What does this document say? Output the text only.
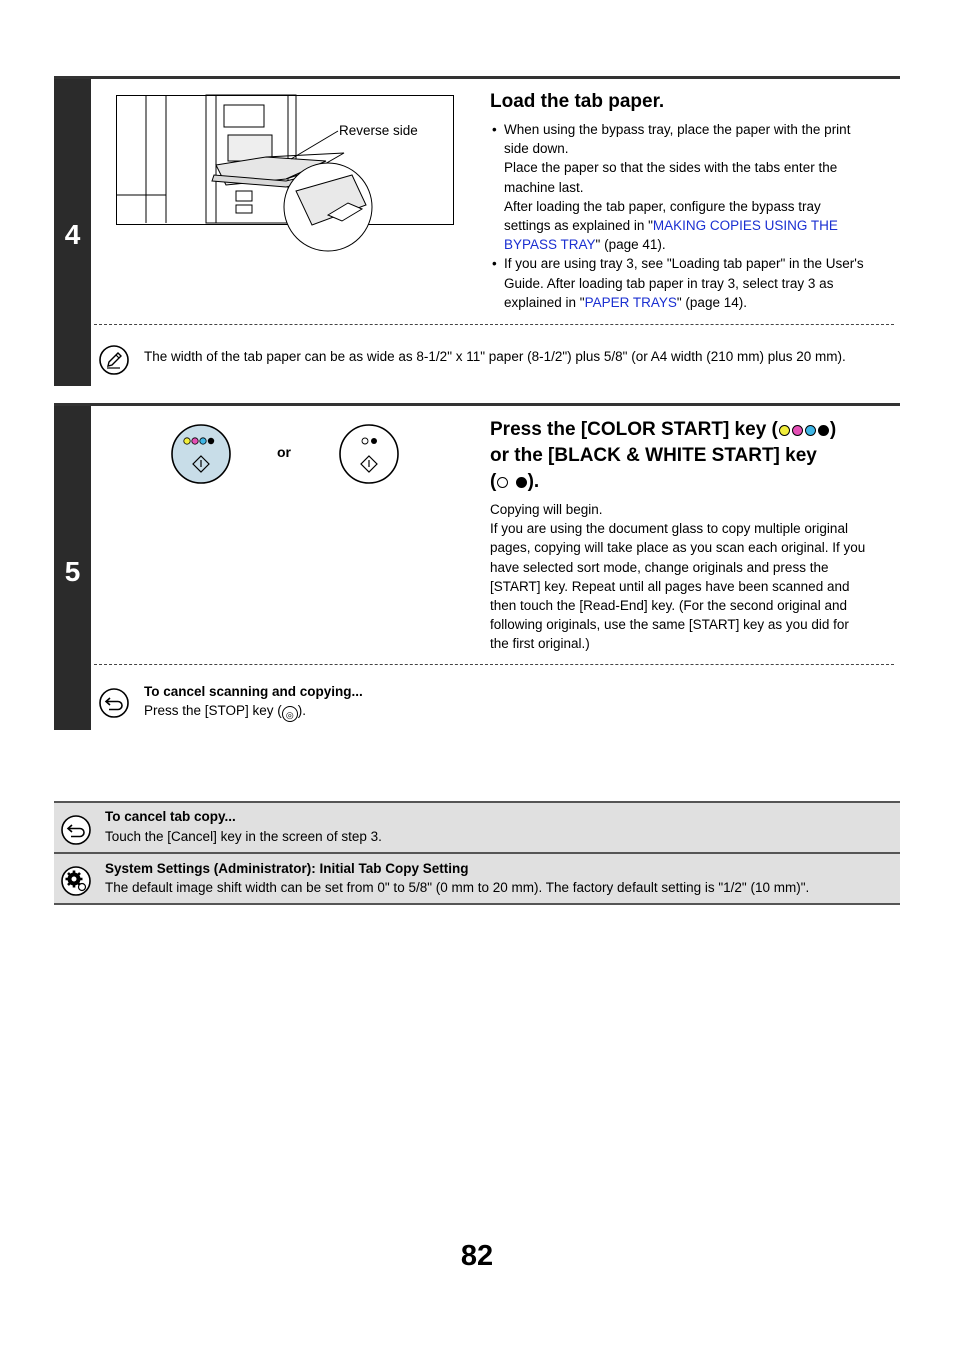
4
Reverse side
Load the tab paper.
• When using the bypass tray, place the paper with the print
side down.
Place the paper so that the sides with the tabs enter the
machine last.
After loading the tab paper, configure the bypass tray
settings as explained in "MAKING COPIES USING THE
BYPASS TRAY" (page 41).
• If you are using tray 3, see "Loading tab paper" in the User's
Guide. After loading tab paper in tray 3, select tray 3 as
explained in "PAPER TRAYS" (page 14).
The width of the tab paper can be as wide as 8-1/2" x 11" paper (8-1/2") plus 5/8" (or A4 width (210 mm) plus 20 mm).
5
or
Press the [COLOR START] key (	)
or the [BLACK & WHITE START] key
( ).
Copying will begin.
If you are using the document glass to copy multiple original
pages, copying will take place as you scan each original. If you
have selected sort mode, change originals and press the
[START] key. Repeat until all pages have been scanned and
then touch the [Read-End] key. (For the second original and
following originals, use the same [START] key as you did for
the first original.)
To cancel scanning and copying...
Press the [STOP] key ( ◎ ).
To cancel tab copy...
Touch the [Cancel] key in the screen of step 3.
System Settings (Administrator): Initial Tab Copy Setting
The default image shift width can be set from 0" to 5/8" (0 mm to 20 mm). The factory default setting is "1/2" (10 mm)".
82
